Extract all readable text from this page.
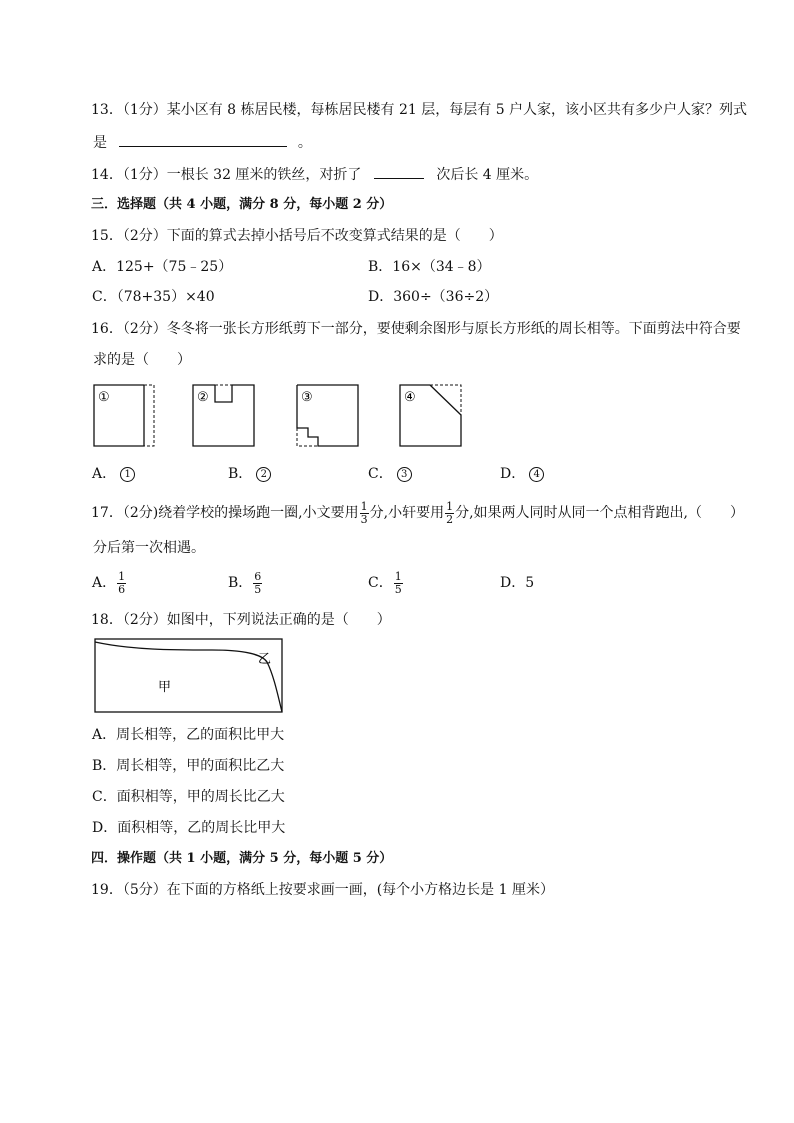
13．（1分）某小区有 8 栋居民楼，每栋居民楼有 21 层，每层有 5 户人家，该小区共有多少户人家？列式
是	。
14．（1分）一根长 32 厘米的铁丝，对折了	次后长 4 厘米。
三．选择题（共 4 小题，满分 8 分，每小题 2 分）
15．（2分）下面的算式去掉小括号后不改变算式结果的是（　　）
A．125+（75﹣25）	B．16×（34﹣8）
C．（78+35）×40	D．360÷（36÷2）
16．（2分）冬冬将一张长方形纸剪下一部分，要使剩余图形与原长方形纸的周长相等。下面剪法中符合要
求的是（　　）
①	②	③	④
A． 1	B． 2	C． 3	D． 4
17．（2分)绕着学校的操场跑一圈,小文要用 $\frac{1}{3}$ 分,小轩要用 $\frac{1}{2}$ 分,如果两人同时从同一个点相背跑出,（　　）
分后第一次相遇。
A． $\frac{1}{6}$	B． $\frac{6}{5}$	C． $\frac{1}{5}$	D．5
18．（2分）如图中，下列说法正确的是（　　）
甲
乙
A．周长相等，乙的面积比甲大
B．周长相等，甲的面积比乙大
C．面积相等，甲的周长比乙大
D．面积相等，乙的周长比甲大
四．操作题（共 1 小题，满分 5 分，每小题 5 分）
19．（5分）在下面的方格纸上按要求画一画，(每个小方格边长是 1 厘米）
